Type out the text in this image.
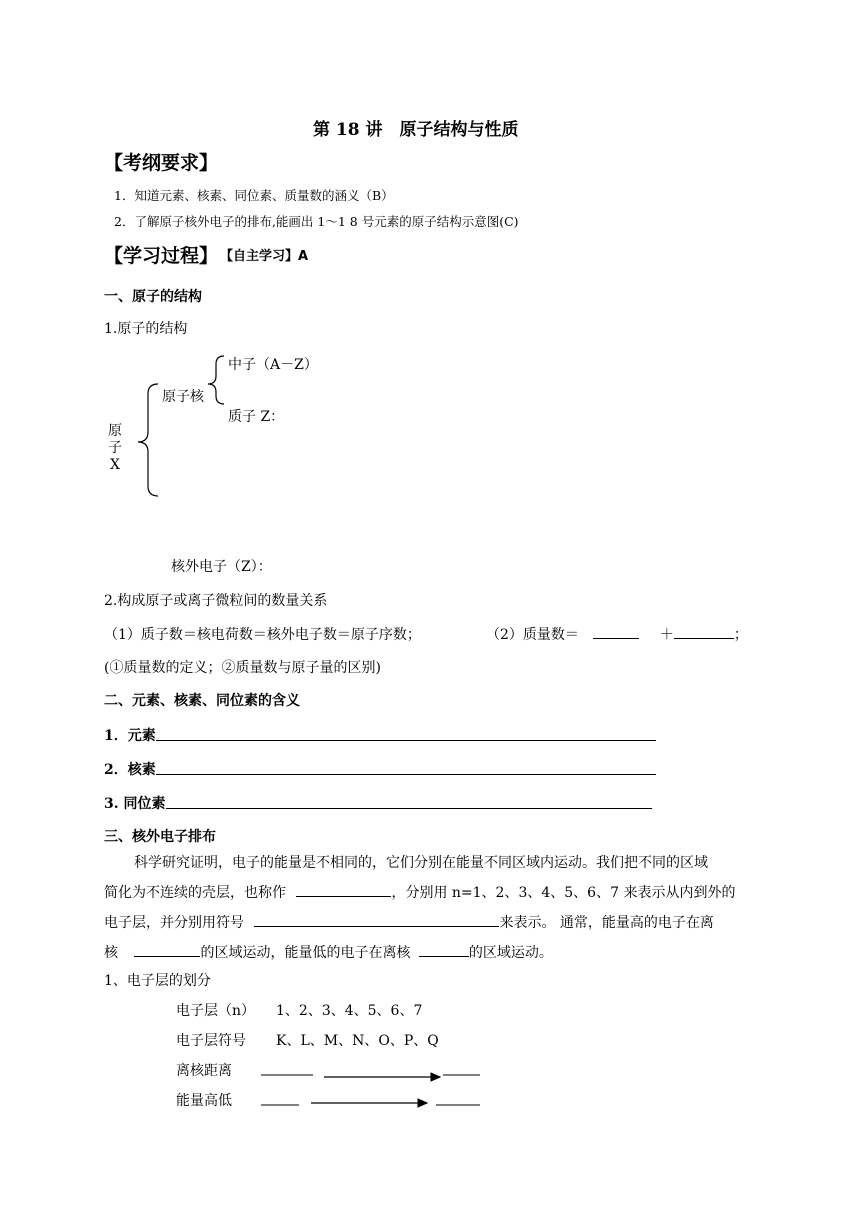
第 18 讲　原子结构与性质
【考纲要求】
1．知道元素、核素、同位素、质量数的涵义（B）
2．了解原子核外电子的排布,能画出 1～1 8 号元素的原子结构示意图(C)
【学习过程】 【自主学习】A
一、原子的结构
1.原子的结构
原子X
原子核
中子（A－Z）
质子 Z：
核外电子（Z）：
2.构成原子或离子微粒间的数量关系
（1）质子数＝核电荷数＝核外电子数＝原子序数；	（2）质量数＝	＋	；
(①质量数的定义；②质量数与原子量的区别)
二、元素、核素、同位素的含义
1．元素
2．核素
3. 同位素
三、核外电子排布
科学研究证明，电子的能量是不相同的，它们分别在能量不同区域内运动。我们把不同的区域
简化为不连续的壳层，也称作	，分别用 n=1、2、3、4、5、6、7 来表示从内到外的
电子层，并分别用符号	来表示。 通常，能量高的电子在离
核	的区域运动，能量低的电子在离核	的区域运动。
1、电子层的划分
电子层（n） 1、2、3、4、5、6、7
电子层符号 K、L、M、N、O、P、Q
离核距离
能量高低
